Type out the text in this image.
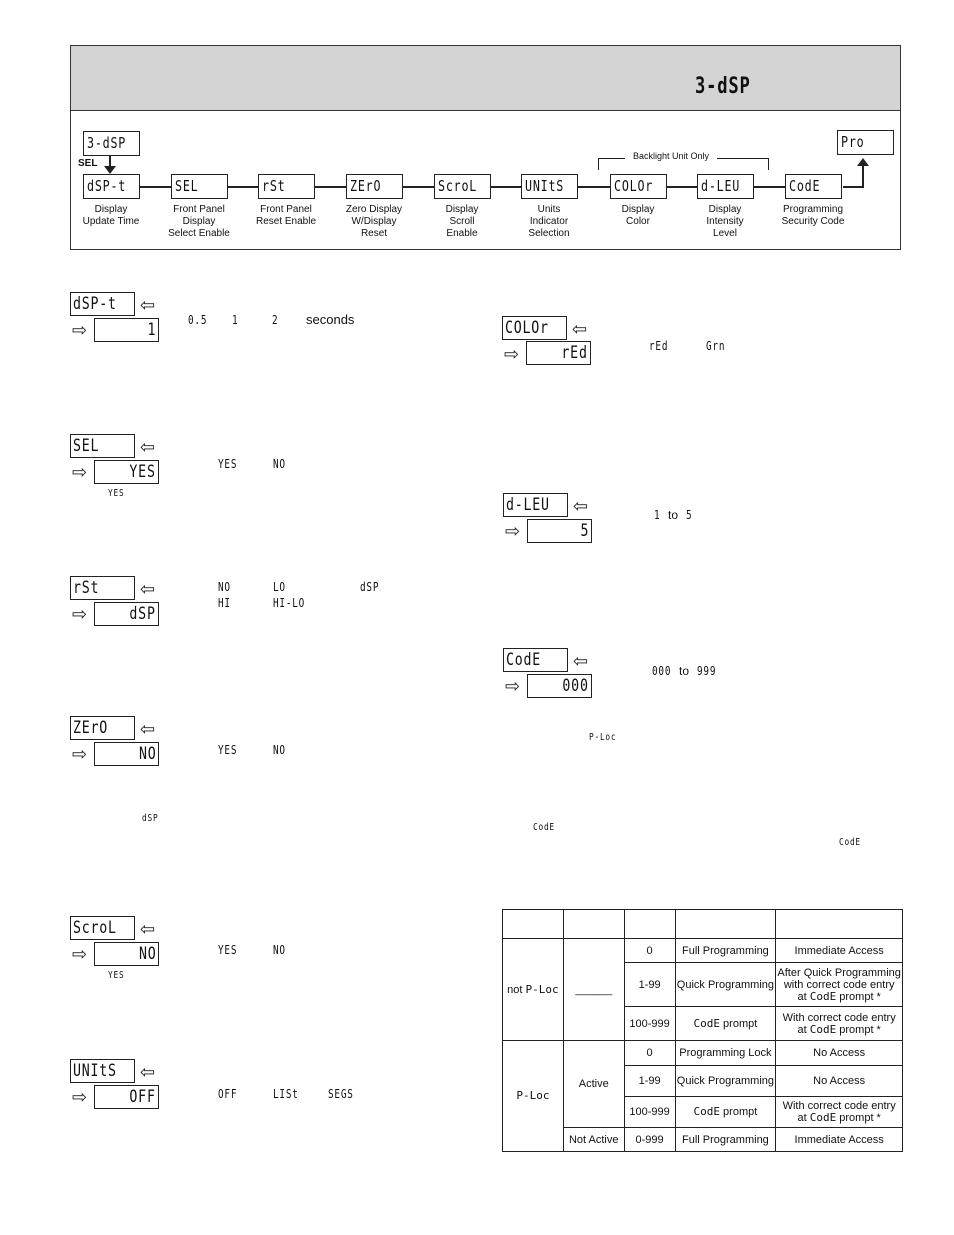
3-dSP
3-dSP
SEL
Backlight Unit Only
dSP-t
Display
Update Time
SEL
Front Panel
Display
Select Enable
rSt
Front Panel
Reset Enable
ZErO
Zero Display
W/Display
Reset
ScroL
Display
Scroll
Enable
UNItS
Units
Indicator
Selection
COLOr
Display
Color
d-LEU
Display
Intensity
Level
CodE
Programming
Security Code
Pro
dSP-t	⇦
⇨	1	0.5 1	2 seconds
SEL	⇦
⇨	YES	YES	NO
YES
rSt	⇦
⇨	dSP
NO	LO	dSP
HI	HI-LO
ZErO	⇦
⇨	NO	YES	NO
dSP
ScroL	⇦
⇨	NO	YES	NO
YES
UNItS	⇦
⇨	OFF	OFF	LISt SEGS
COLOr	⇦
⇨	rEd	rEd	Grn
d-LEU	⇦
⇨	5
1 to 5
CodE	⇦
⇨	000
000 to 999
P-Loc
CodE
CodE

not P-Loc	______	0	Full Programming	Immediate Access
		1-99	Quick Programming	After Quick Programming
with correct code entry
at CodE prompt *

		100-999	CodE prompt	With correct code entry
at CodE prompt *

P-Loc	Active	0	Programming Lock	No Access
		1-99	Quick Programming	No Access
		100-999	CodE prompt	With correct code entry
at CodE prompt *

	Not Active	0-999	Full Programming	Immediate Access
